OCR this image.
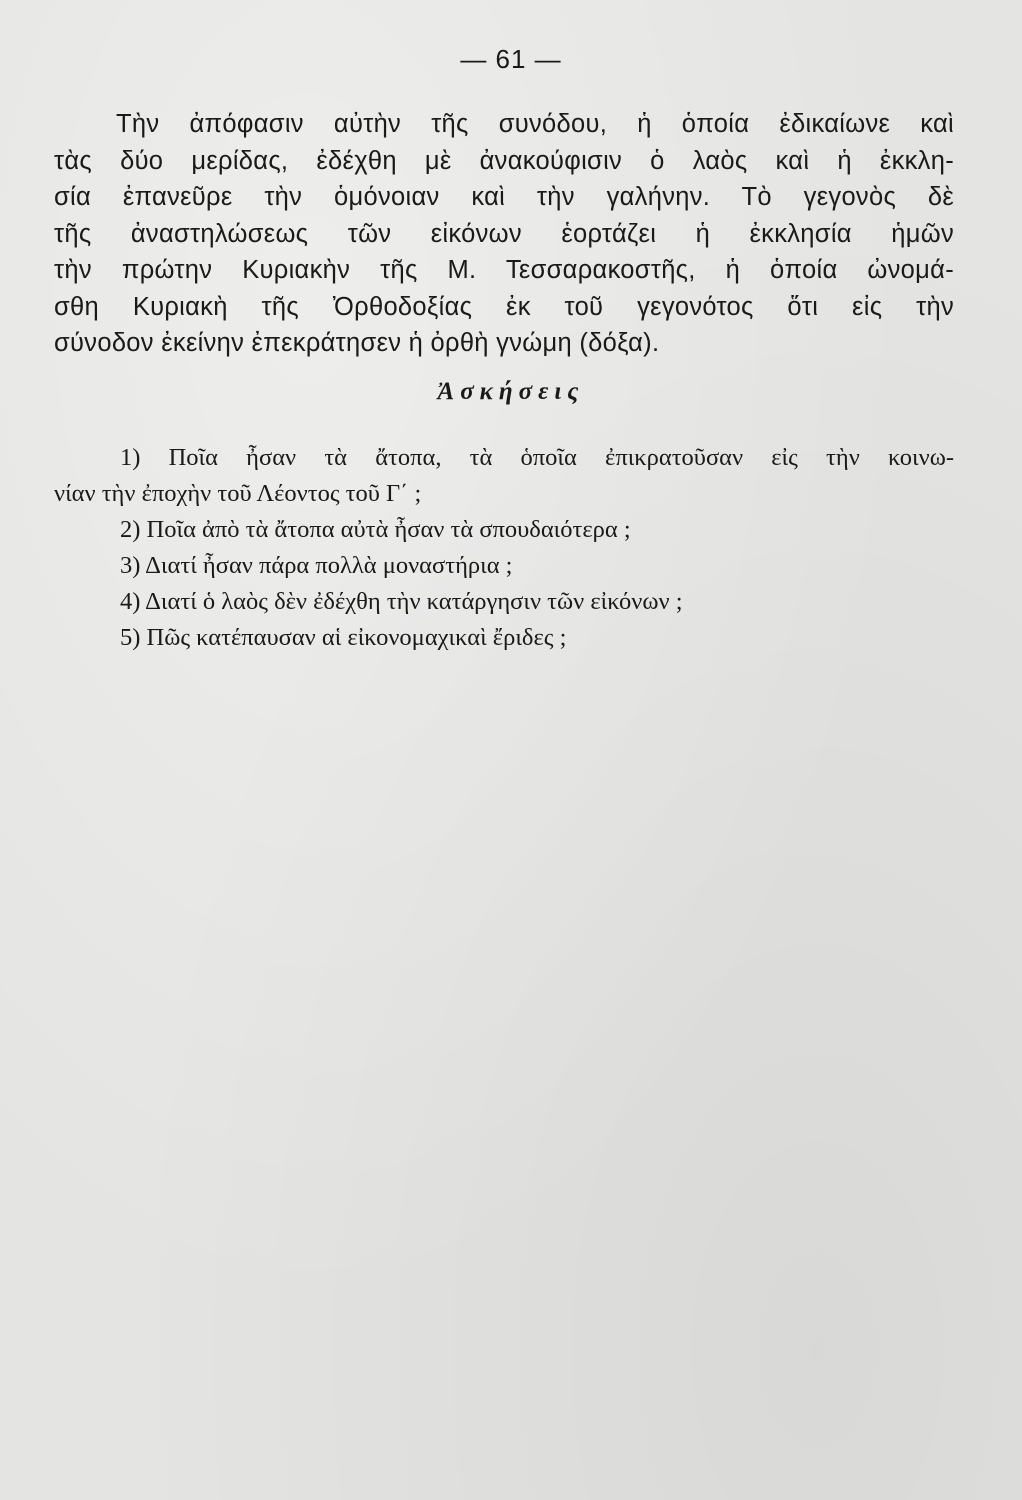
— 61 —
Τὴν ἀπόφασιν αὐτὴν τῆς συνόδου, ἡ ὁποία ἐδικαίωνε καὶ
τὰς δύο μερίδας, ἐδέχθη μὲ ἀνακούφισιν ὁ λαὸς καὶ ἡ ἐκκλη-
σία ἐπανεῦρε τὴν ὁμόνοιαν καὶ τὴν γαλήνην. Τὸ γεγονὸς δὲ
τῆς ἀναστηλώσεως τῶν εἰκόνων ἑορτάζει ἡ ἐκκλησία ἡμῶν
τὴν πρώτην Κυριακὴν τῆς Μ. Τεσσαρακοστῆς, ἡ ὁποία ὠνομά-
σθη Κυριακὴ τῆς Ὀρθοδοξίας ἐκ τοῦ γεγονότος ὅτι εἰς τὴν
σύνοδον ἐκείνην ἐπεκράτησεν ἡ ὀρθὴ γνώμη (δόξα).
Ἀσκήσεις
1) Ποῖα ἦσαν τὰ ἄτοπα, τὰ ὁποῖα ἐπικρατοῦσαν εἰς τὴν κοινω-
νίαν τὴν ἐποχὴν τοῦ Λέοντος τοῦ Γ΄ ;
2) Ποῖα ἀπὸ τὰ ἄτοπα αὐτὰ ἦσαν τὰ σπουδαιότερα ;
3) Διατί ἦσαν πάρα πολλὰ μοναστήρια ;
4) Διατί ὁ λαὸς δὲν ἐδέχθη τὴν κατάργησιν τῶν εἰκόνων ;
5) Πῶς κατέπαυσαν αἱ εἰκονομαχικαὶ ἔριδες ;
